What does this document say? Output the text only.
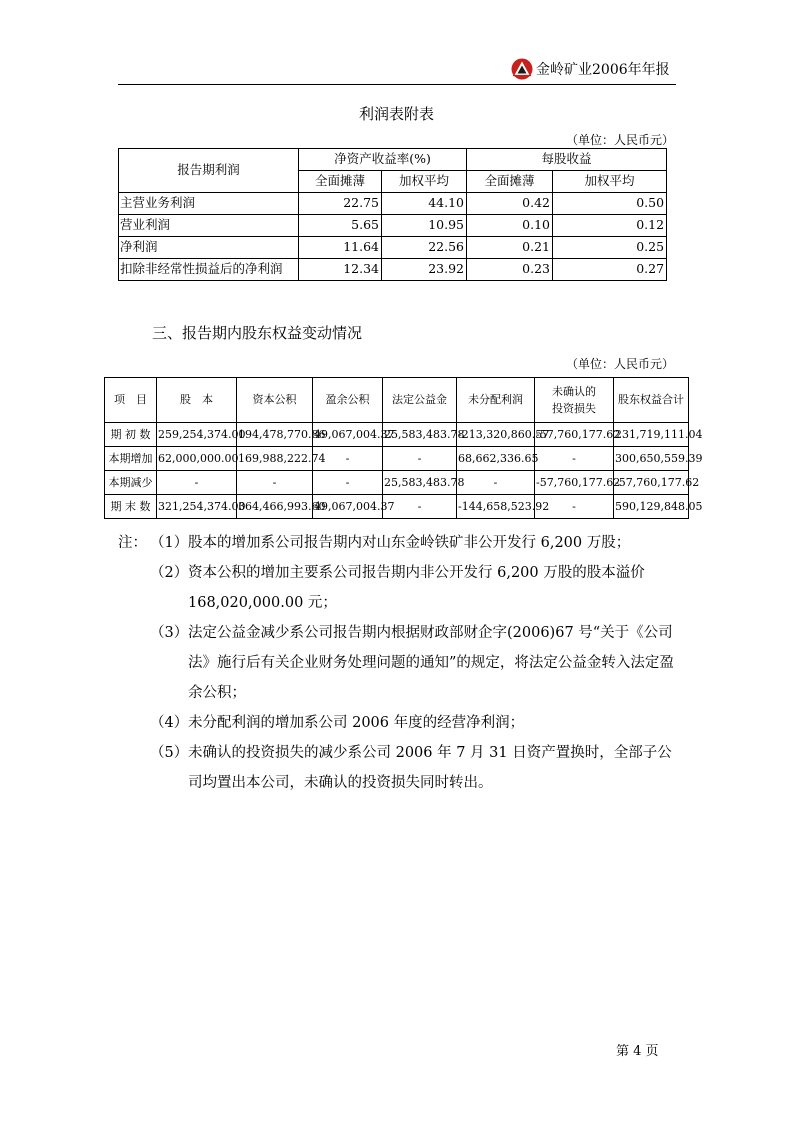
金岭矿业2006年年报
利润表附表
（单位：人民币元）
报告期利润	净资产收益率(%)		每股收益	
	全面摊薄	加权平均	全面摊薄	加权平均
主营业务利润	22.75	44.10	0.42	0.50
营业利润	5.65	10.95	0.10	0.12
净利润	11.64	22.56	0.21	0.25
扣除非经常性损益后的净利润	12.34	23.92	0.23	0.27
三、报告期内股东权益变动情况
（单位：人民币元）
项　目	股　本	资本公积	盈余公积	法定公益金	未分配利润	未确认的投资损失	股东权益合计
期 初 数	259,254,374.00	194,478,770.86	49,067,004.37	25,583,483.78	-213,320,860.57	-57,760,177.62	231,719,111.04
本期增加	62,000,000.00	169,988,222.74	-	-	68,662,336.65	-	300,650,559.39
本期减少	-	-	-	25,583,483.78	-	-57,760,177.62	-57,760,177.62
期 末 数	321,254,374.00	364,466,993.60	49,067,004.37	-	-144,658,523.92	-	590,129,848.05
注： （1） 股本的增加系公司报告期内对山东金岭铁矿非公开发行 6,200 万股；
（2） 资本公积的增加主要系公司报告期内非公开发行 6,200 万股的股本溢价 168,020,000.00 元；
（3） 法定公益金减少系公司报告期内根据财政部财企字(2006)67 号“关于《公司法》施行后有关企业财务处理问题的通知”的规定，将法定公益金转入法定盈余公积；
（4） 未分配利润的增加系公司 2006 年度的经营净利润；
（5） 未确认的投资损失的减少系公司 2006 年 7 月 31 日资产置换时，全部子公司均置出本公司，未确认的投资损失同时转出。
第 4 页
